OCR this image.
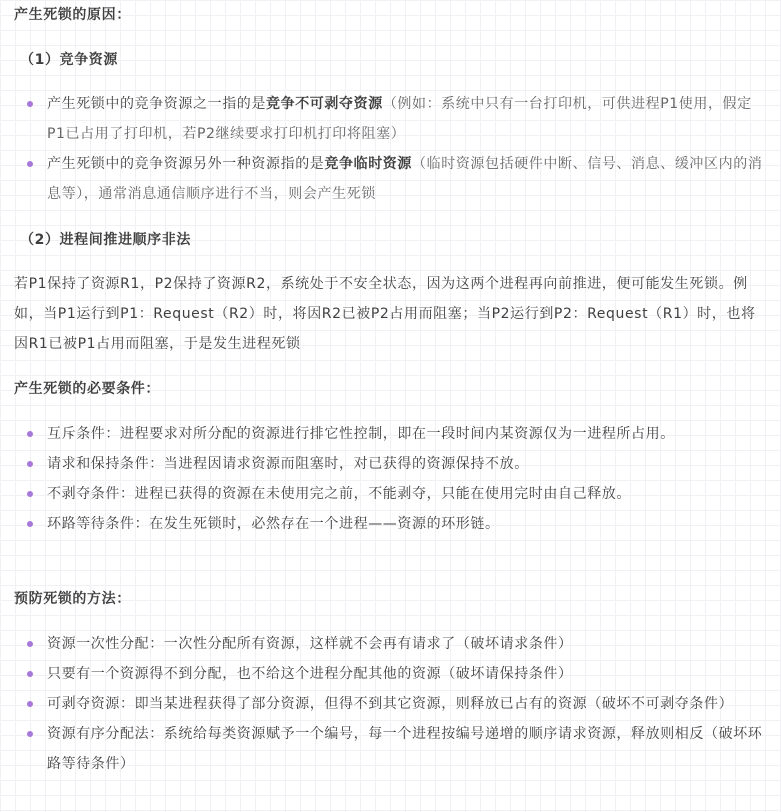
产生死锁的原因：
（1）竞争资源
产生死锁中的竞争资源之一指的是竞争不可剥夺资源（例如：系统中只有一台打印机，可供进程P1使用，假定P1已占用了打印机，若P2继续要求打印机打印将阻塞）
产生死锁中的竞争资源另外一种资源指的是竞争临时资源（临时资源包括硬件中断、信号、消息、缓冲区内的消息等），通常消息通信顺序进行不当，则会产生死锁
（2）进程间推进顺序非法

若P1保持了资源R1，P2保持了资源R2，系统处于不安全状态，因为这两个进程再向前推进，便可能发生死锁。例如，当P1运行到P1：Request（R2）时，将因R2已被P2占用而阻塞；当P2运行到P2：Request（R1）时，也将因R1已被P1占用而阻塞，于是发生进程死锁

产生死锁的必要条件：
互斥条件：进程要求对所分配的资源进行排它性控制，即在一段时间内某资源仅为一进程所占用。
请求和保持条件：当进程因请求资源而阻塞时，对已获得的资源保持不放。
不剥夺条件：进程已获得的资源在未使用完之前，不能剥夺，只能在使用完时由自己释放。
环路等待条件：在发生死锁时，必然存在一个进程——资源的环形链。
预防死锁的方法：
资源一次性分配：一次性分配所有资源，这样就不会再有请求了（破坏请求条件）
只要有一个资源得不到分配，也不给这个进程分配其他的资源（破坏请保持条件）
可剥夺资源：即当某进程获得了部分资源，但得不到其它资源，则释放已占有的资源（破坏不可剥夺条件）
资源有序分配法：系统给每类资源赋予一个编号，每一个进程按编号递增的顺序请求资源，释放则相反（破坏环路等待条件）
